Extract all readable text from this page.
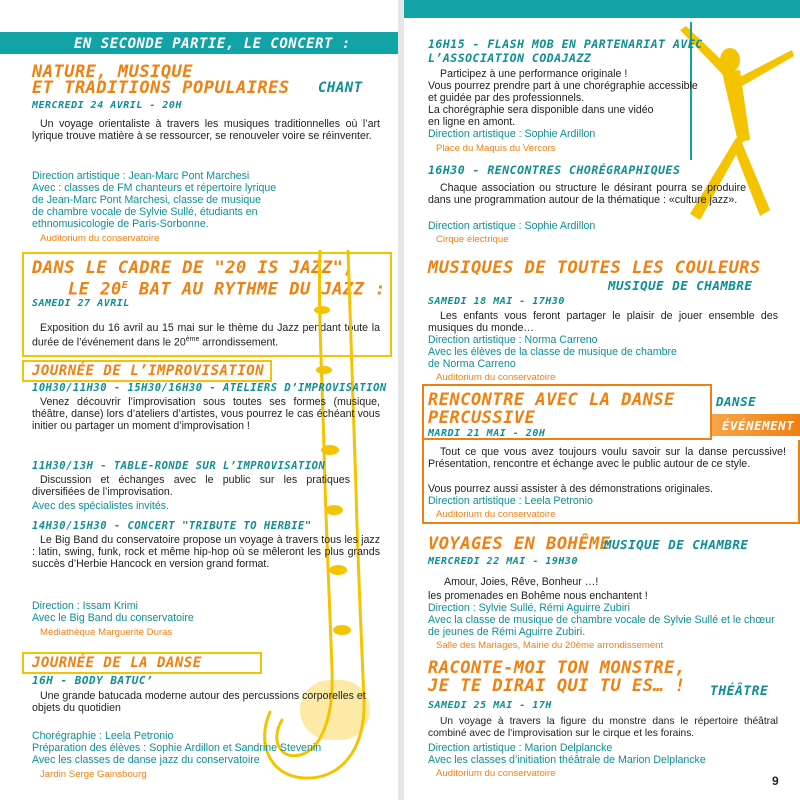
EN SECONDE PARTIE, LE CONCERT :
NATURE, MUSIQUE
ET TRADITIONS POPULAIRES CHANT
MERCREDI 24 AVRIL - 20H

Un voyage orientaliste à travers les musiques traditionnelles où l’art lyrique trouve matière à se ressourcer, se renouveler voire se réinventer.

Direction artistique : Jean-Marc Pont Marchesi
Avec : classes de FM chanteurs et répertoire lyrique
de Jean-Marc Pont Marchesi, classe de musique
de chambre vocale de Sylvie Sullé, étudiants en
ethnomusicologie de Paris-Sorbonne.
Auditorium du conservatoire
DANS LE CADRE DE "20 IS JAZZ",
LE $20^E$ BAT AU RYTHME DU JAZZ :
SAMEDI 27 AVRIL

Exposition du 16 avril au 15 mai sur le thème du Jazz pendant toute la durée de l’événement dans le 20ème arrondissement.

JOURNÉE DE L’IMPROVISATION
10H30/11H30 - 15H30/16H30 - ATELIERS D’IMPROVISATION

Venez découvrir l’improvisation sous toutes ses formes (musique, théâtre, danse) lors d’ateliers d’artistes, vous pourrez le cas échéant vous initier ou partager un moment d’improvisation !

11H30/13H - TABLE-RONDE SUR L’IMPROVISATION

Discussion et échanges avec le public sur les pratiques diversifiées de l’improvisation.

Avec des spécialistes invités.
14H30/15H30 - CONCERT "TRIBUTE TO HERBIE"

Le Big Band du conservatoire propose un voyage à travers tous les jazz : latin, swing, funk, rock et même hip-hop où se mêleront les plus grands succès d’Herbie Hancock en version grand format.

Direction : Issam Krimi
Avec le Big Band du conservatoire
Médiathèque Marguerite Duras
JOURNÉE DE LA DANSE
16H - BODY BATUC’

Une grande batucada moderne autour des percussions corporelles et objets du quotidien

Chorégraphie : Leela Petronio
Préparation des élèves : Sophie Ardillon et Sandrine Stevenin
Avec les classes de danse jazz du conservatoire
Jardin Serge Gainsbourg
16H15 - FLASH MOB EN PARTENARIAT AVEC
L’ASSOCIATION CODAJAZZ
Participez à une performance originale !
Vous pourrez prendre part à une chorégraphie accessible
et guidée par des professionnels.
La chorégraphie sera disponible dans une vidéo
en ligne en amont.
Direction artistique : Sophie Ardillon
Place du Maquis du Vercors
16H30 - RENCONTRES CHORÉGRAPHIQUES

Chaque association ou structure le désirant pourra se produire dans une programmation autour de la thématique : «culture jazz».

Direction artistique : Sophie Ardillon
Cirque électrique
MUSIQUES DE TOUTES LES COULEURS
MUSIQUE DE CHAMBRE
SAMEDI 18 MAI - 17H30

Les enfants vous feront partager le plaisir de jouer ensemble des musiques du monde…

Direction artistique : Norma Carreno
Avec les élèves de la classe de musique de chambre
de Norma Carreno
Auditorium du conservatoire
ÉVÉNEMENT
RENCONTRE AVEC LA DANSE
PERCUSSIVE
DANSE
MARDI 21 MAI - 20H

Tout ce que vous avez toujours voulu savoir sur la danse percussive! Présentation, rencontre et échange avec le public autour de ce style.

Vous pourrez aussi assister à des démonstrations originales.
Direction artistique : Leela Petronio
Auditorium du conservatoire
VOYAGES EN BOHÊME
MUSIQUE DE CHAMBRE
MERCREDI 22 MAI - 19H30
Amour, Joies, Rêve, Bonheur …!
les promenades en Bohême nous enchantent !
Direction : Sylvie Sullé, Rémi Aguirre Zubiri

Avec la classe de musique de chambre vocale de Sylvie Sullé et le chœur de jeunes de Rémi Aguirre Zubiri.

Salle des Mariages, Mairie du 20ème arrondissement
RACONTE-MOI TON MONSTRE,
JE TE DIRAI QUI TU ES… ! THÉÂTRE
SAMEDI 25 MAI - 17H

Un voyage à travers la figure du monstre dans le répertoire théâtral combiné avec de l’improvisation sur le cirque et les forains.

Direction artistique : Marion Delplancke
Avec les classes d’initiation théâtrale de Marion Delplancke
Auditorium du conservatoire
9
